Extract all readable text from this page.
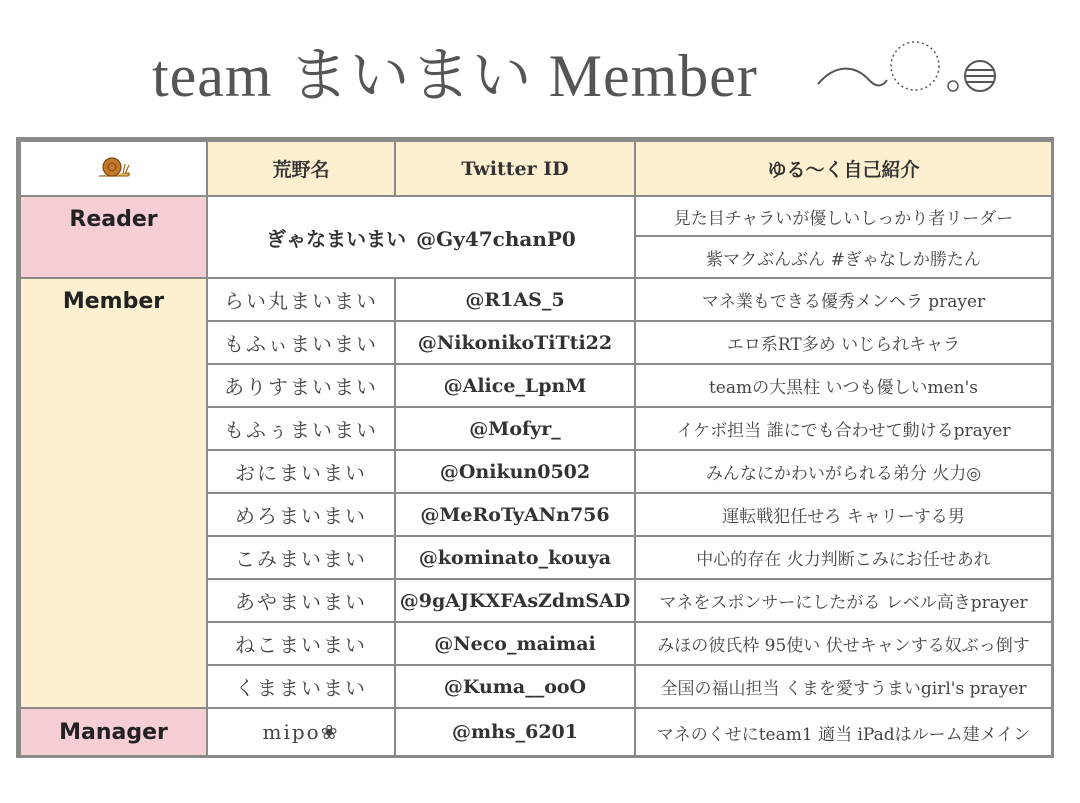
team まいまい Member
	荒野名	Twitter ID	ゆる〜く自己紹介
Reader	ぎゃなまいまい @Gy47chanP0		見た目チャラいが優しいしっかり者リーダー
			紫マクぶんぶん #ぎゃなしか勝たん
Member	らい丸まいまい	@R1AS_5	マネ業もできる優秀メンヘラ prayer
	もふぃまいまい	@NikonikoTiTti22	エロ系RT多め いじられキャラ
	ありすまいまい	@Alice_LpnM	teamの大黒柱 いつも優しいmen's
	もふぅまいまい	@Mofyr_	イケボ担当 誰にでも合わせて動けるprayer
	おにまいまい	@Onikun0502	みんなにかわいがられる弟分 火力◎
	めろまいまい	@MeRoTyANn756	運転戦犯任せろ キャリーする男
	こみまいまい	@kominato_kouya	中心的存在 火力判断こみにお任せあれ
	あやまいまい	@9gAJKXFAsZdmSAD	マネをスポンサーにしたがる レベル高きprayer
	ねこまいまい	@Neco_maimai	みほの彼氏枠 95使い 伏せキャンする奴ぶっ倒す
	くままいまい	@Kuma__ooO	全国の福山担当 くまを愛すうまいgirl's prayer
Manager	mipo❀	@mhs_6201	マネのくせにteam1 適当 iPadはルーム建メイン
